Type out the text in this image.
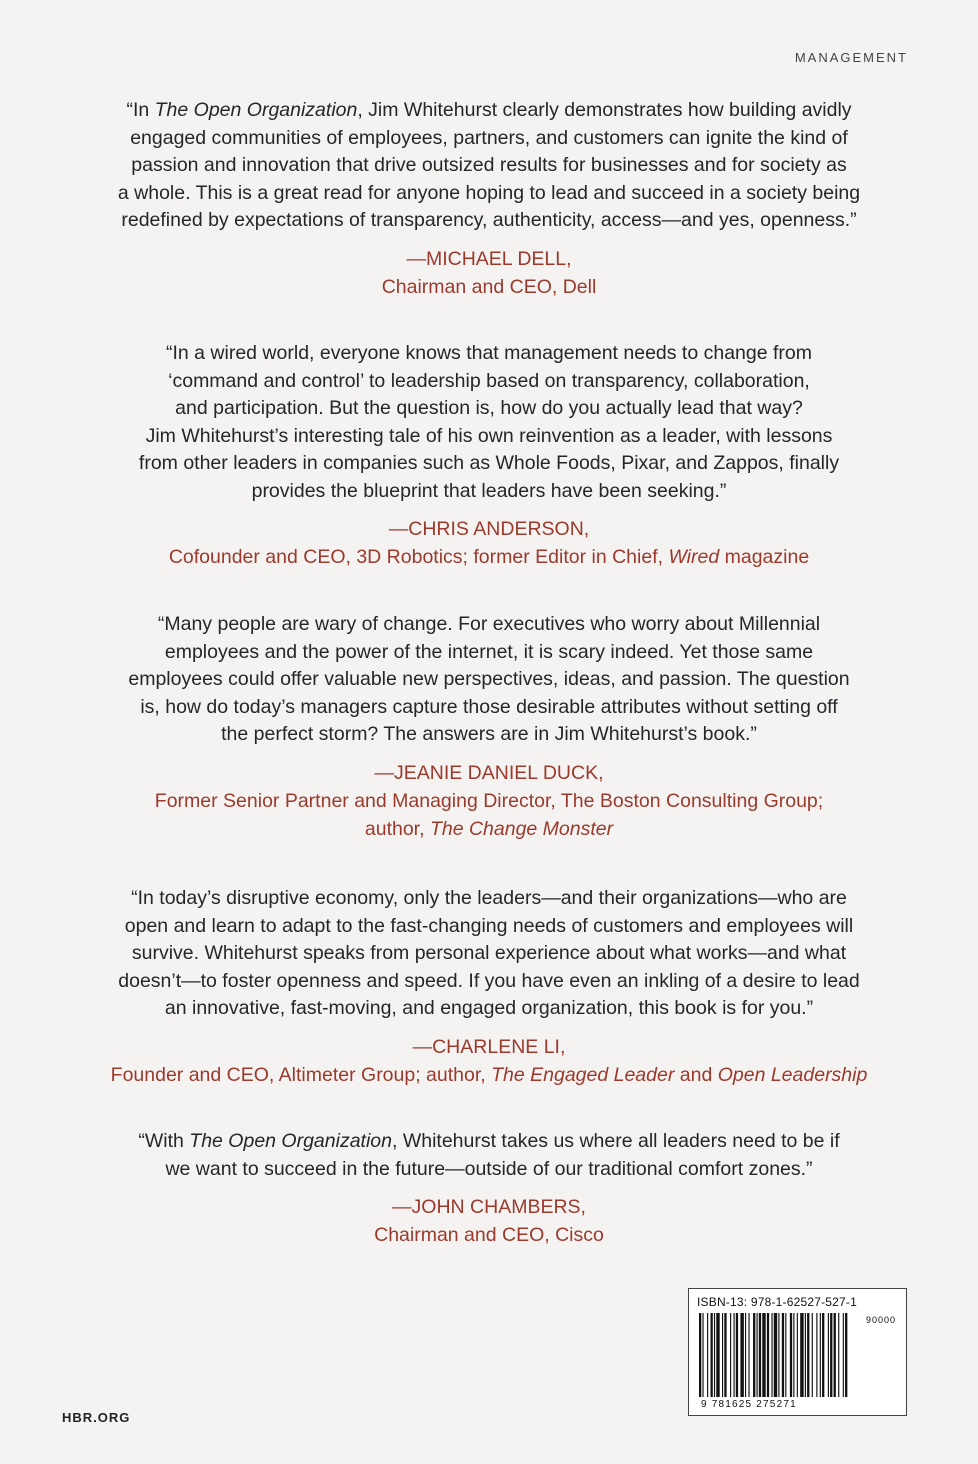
MANAGEMENT
“In The Open Organization, Jim Whitehurst clearly demonstrates how building avidly
engaged communities of employees, partners, and customers can ignite the kind of
passion and innovation that drive outsized results for businesses and for society as
a whole. This is a great read for anyone hoping to lead and succeed in a society being
redefined by expectations of transparency, authenticity, access—and yes, openness.”
—MICHAEL DELL,
Chairman and CEO, Dell
“In a wired world, everyone knows that management needs to change from
‘command and control’ to leadership based on transparency, collaboration,
and participation. But the question is, how do you actually lead that way?
Jim Whitehurst’s interesting tale of his own reinvention as a leader, with lessons
from other leaders in companies such as Whole Foods, Pixar, and Zappos, finally
provides the blueprint that leaders have been seeking.”
—CHRIS ANDERSON,
Cofounder and CEO, 3D Robotics; former Editor in Chief, Wired magazine
“Many people are wary of change. For executives who worry about Millennial
employees and the power of the internet, it is scary indeed. Yet those same
employees could offer valuable new perspectives, ideas, and passion. The question
is, how do today’s managers capture those desirable attributes without setting off
the perfect storm? The answers are in Jim Whitehurst’s book.”
—JEANIE DANIEL DUCK,
Former Senior Partner and Managing Director, The Boston Consulting Group;
author, The Change Monster
“In today’s disruptive economy, only the leaders—and their organizations—who are
open and learn to adapt to the fast-changing needs of customers and employees will
survive. Whitehurst speaks from personal experience about what works—and what
doesn’t—to foster openness and speed. If you have even an inkling of a desire to lead
an innovative, fast-moving, and engaged organization, this book is for you.”
—CHARLENE LI,
Founder and CEO, Altimeter Group; author, The Engaged Leader and Open Leadership
“With The Open Organization, Whitehurst takes us where all leaders need to be if
we want to succeed in the future—outside of our traditional comfort zones.”
—JOHN CHAMBERS,
Chairman and CEO, Cisco
HBR.ORG
ISBN-13: 978-1-62527-527-1
90000
9 781625 275271
